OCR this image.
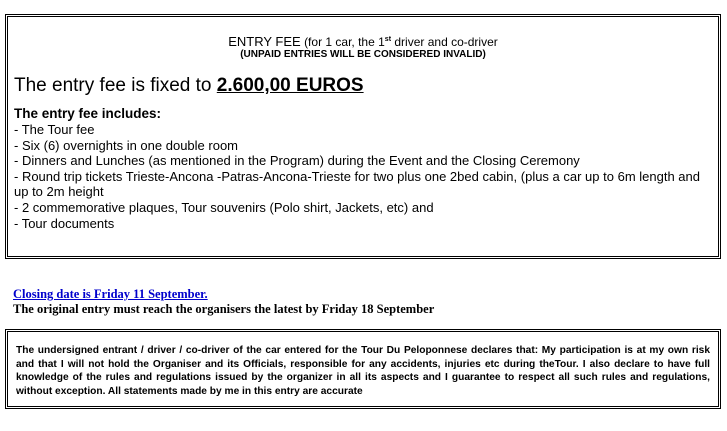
ENTRY FEE (for 1 car, the 1st driver and co-driver
(UNPAID ENTRIES WILL BE CONSIDERED INVALID)
The entry fee is fixed to 2.600,00 EUROS
The entry fee includes:
- The Tour fee
- Six (6) overnights in one double room
- Dinners and Lunches (as mentioned in the Program) during the Event and the Closing Ceremony
- Round trip tickets Trieste-Ancona -Patras-Ancona-Trieste for two plus one 2bed cabin, (plus a car up to 6m length and up to 2m height
- 2 commemorative plaques, Tour souvenirs (Polo shirt, Jackets, etc) and
- Tour documents
Closing date is Friday 11 September.
The original entry must reach the organisers the latest by Friday 18 September
The undersigned entrant / driver / co-driver of the car entered for the Tour Du Peloponnese declares that: My participation is at my own risk and that I will not hold the Organiser and its Officials, responsible for any accidents, injuries etc during theTour. I also declare to have full knowledge of the rules and regulations issued by the organizer in all its aspects and I guarantee to respect all such rules and regulations, without exception. All statements made by me in this entry are accurate
